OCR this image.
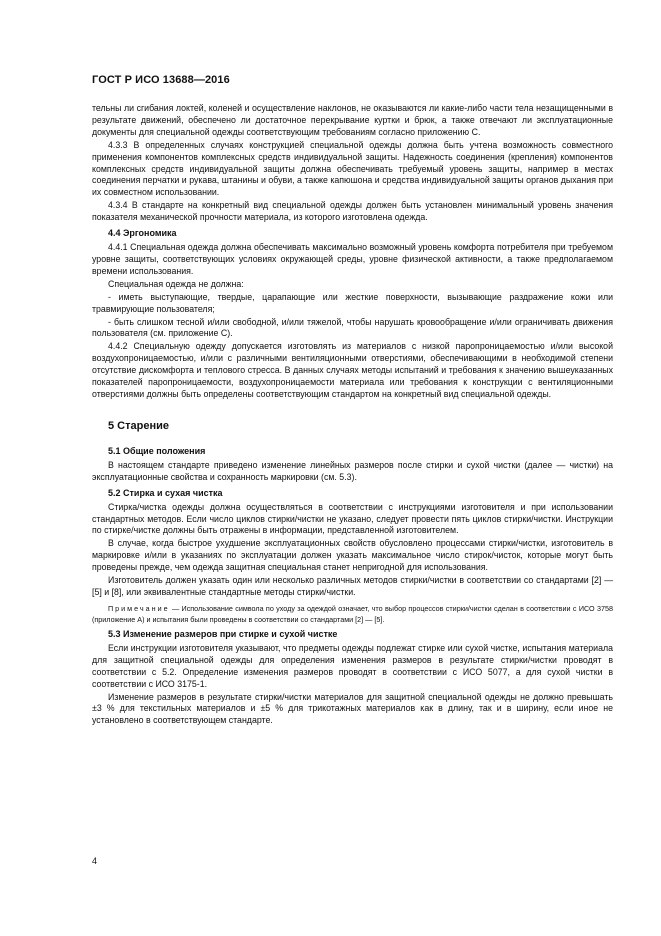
ГОСТ Р ИСО 13688—2016

тельны ли сгибания локтей, коленей и осуществление наклонов, не оказываются ли какие-либо части тела незащищенными в результате движений, обеспечено ли достаточное перекрывание куртки и брюк, а также отвечают ли эксплуатационные документы для специальной одежды соответствующим требованиям согласно приложению С.

4.3.3 В определенных случаях конструкцией специальной одежды должна быть учтена возможность совместного применения компонентов комплексных средств индивидуальной защиты. Надежность соединения (крепления) компонентов комплексных средств индивидуальной защиты должна обеспечивать требуемый уровень защиты, например в местах соединения перчатки и рукава, штанины и обуви, а также капюшона и средства индивидуальной защиты органов дыхания при их совместном использовании.

4.3.4 В стандарте на конкретный вид специальной одежды должен быть установлен минимальный уровень значения показателя механической прочности материала, из которого изготовлена одежда.

4.4 Эргономика

4.4.1 Специальная одежда должна обеспечивать максимально возможный уровень комфорта потребителя при требуемом уровне защиты, соответствующих условиях окружающей среды, уровне физической активности, а также предполагаемом времени использования.

Специальная одежда не должна:

- иметь выступающие, твердые, царапающие или жесткие поверхности, вызывающие раздражение кожи или травмирующие пользователя;

- быть слишком тесной и/или свободной, и/или тяжелой, чтобы нарушать кровообращение и/или ограничивать движения пользователя (см. приложение С).

4.4.2 Специальную одежду допускается изготовлять из материалов с низкой паропроницаемостью и/или высокой воздухопроницаемостью, и/или с различными вентиляционными отверстиями, обеспечивающими в необходимой степени отсутствие дискомфорта и теплового стресса. В данных случаях методы испытаний и требования к значению вышеуказанных показателей паропроницаемости, воздухопроницаемости материала или требования к конструкции с вентиляционными отверстиями должны быть определены соответствующим стандартом на конкретный вид специальной одежды.

5 Старение
5.1 Общие положения

В настоящем стандарте приведено изменение линейных размеров после стирки и сухой чистки (далее — чистки) на эксплуатационные свойства и сохранность маркировки (см. 5.3).

5.2 Стирка и сухая чистка

Стирка/чистка одежды должна осуществляться в соответствии с инструкциями изготовителя и при использовании стандартных методов. Если число циклов стирки/чистки не указано, следует провести пять циклов стирки/чистки. Инструкции по стирке/чистке должны быть отражены в информации, представленной изготовителем.

В случае, когда быстрое ухудшение эксплуатационных свойств обусловлено процессами стирки/чистки, изготовитель в маркировке и/или в указаниях по эксплуатации должен указать максимальное число стирок/чисток, которые могут быть проведены прежде, чем одежда защитная специальная станет непригодной для использования.

Изготовитель должен указать один или несколько различных методов стирки/чистки в соответствии со стандартами [2] — [5] и [8], или эквивалентные стандартные методы стирки/чистки.

Примечание — Использование символа по уходу за одеждой означает, что выбор процессов стирки/чистки сделан в соответствии с ИСО 3758 (приложение А) и испытания были проведены в соответствии со стандартами [2] — [5].

5.3 Изменение размеров при стирке и сухой чистке

Если инструкции изготовителя указывают, что предметы одежды подлежат стирке или сухой чистке, испытания материала для защитной специальной одежды для определения изменения размеров в результате стирки/чистки проводят в соответствии с 5.2. Определение изменения размеров проводят в соответствии с ИСО 5077, а для сухой чистки в соответствии с ИСО 3175-1.

Изменение размеров в результате стирки/чистки материалов для защитной специальной одежды не должно превышать ±3 % для текстильных материалов и ±5 % для трикотажных материалов как в длину, так и в ширину, если иное не установлено в соответствующем стандарте.

4
